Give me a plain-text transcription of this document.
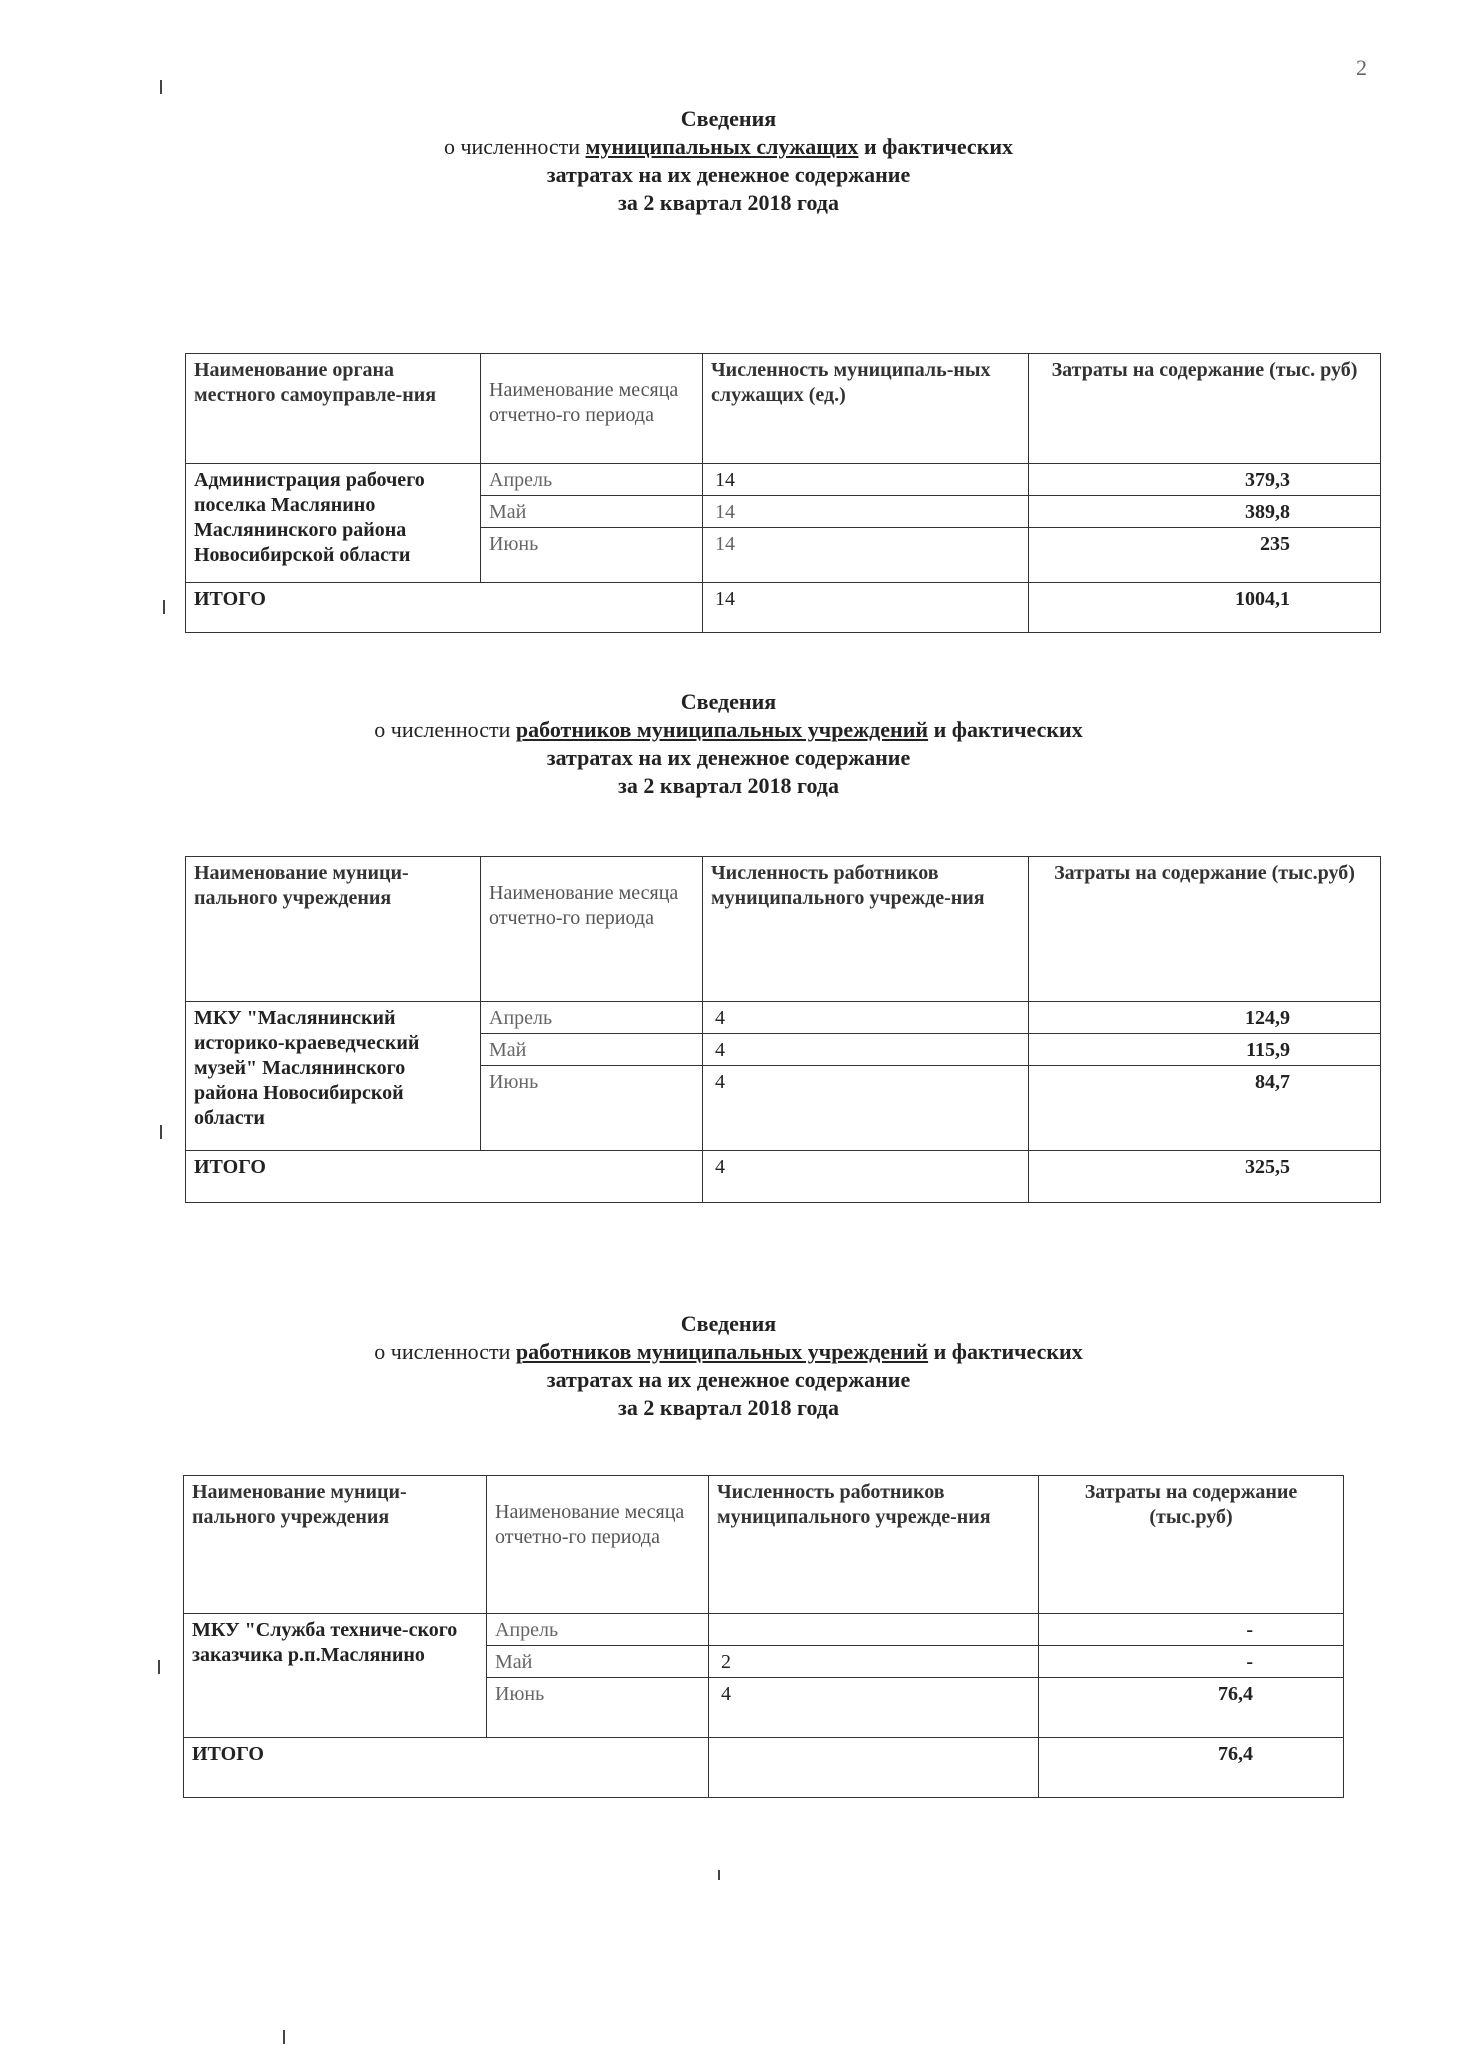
2
Сведения
о численности муниципальных служащих и фактических
затратах на их денежное содержание
за 2 квартал 2018 года
Наименование органа местного самоуправле-ния	Наименование месяца отчетно-го периода	Численность муниципаль-ных служащих (ед.)	Затраты на содержание (тыс. руб)
Администрация рабочего поселка Маслянино Маслянинского района Новосибирской области	Апрель	14	379,3
	Май	14	389,8
	Июнь	14	235
ИТОГО		14	1004,1
Сведения
о численности работников муниципальных учреждений и фактических
затратах на их денежное содержание
за 2 квартал 2018 года
Наименование муници-пального учреждения	Наименование месяца отчетно-го периода	Численность работников муниципального учрежде-ния	Затраты на содержание (тыс.руб)
МКУ "Маслянинский историко-краеведческий музей" Маслянинского района Новосибирской области	Апрель	4	124,9
	Май	4	115,9
	Июнь	4	84,7
ИТОГО		4	325,5
Сведения
о численности работников муниципальных учреждений и фактических
затратах на их денежное содержание
за 2 квартал 2018 года
Наименование муници-пального учреждения	Наименование месяца отчетно-го периода	Численность работников муниципального учрежде-ния	Затраты на содержание (тыс.руб)
МКУ "Служба техниче-ского заказчика р.п.Маслянино	Апрель		-
	Май	2	-
	Июнь	4	76,4
ИТОГО			76,4
